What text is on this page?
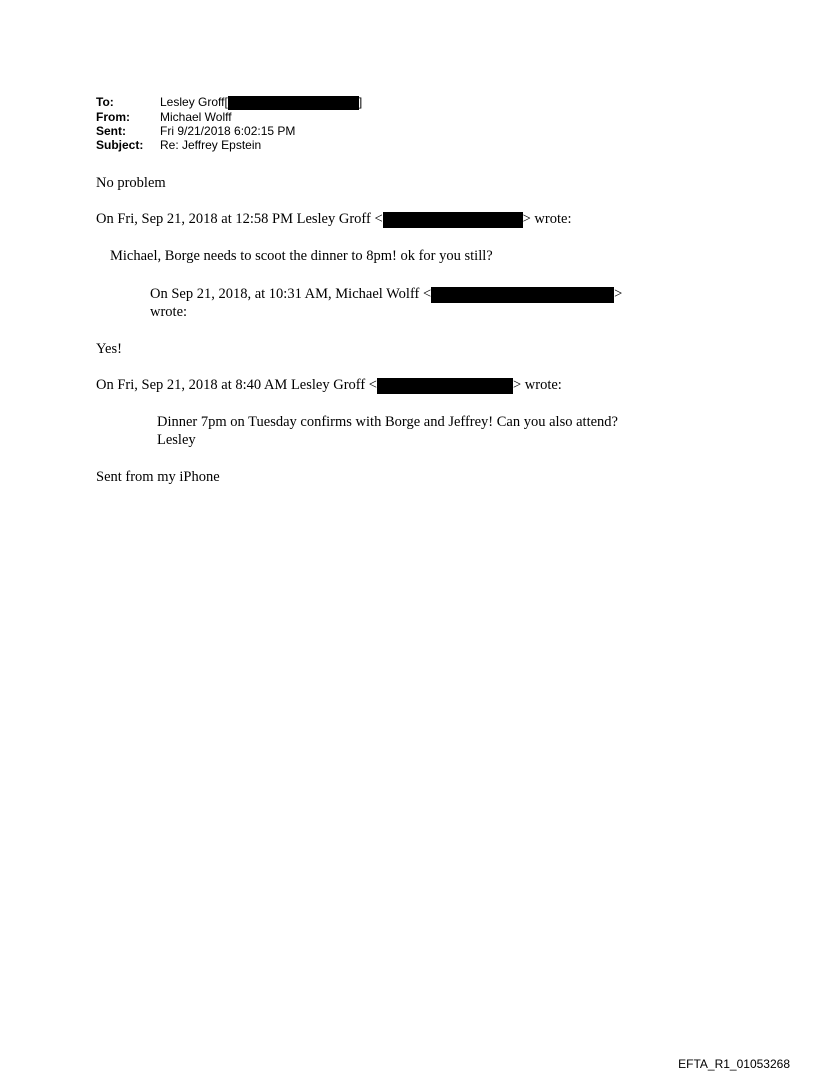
To:	Lesley Groff[	]
From:	Michael Wolff
Sent:	Fri 9/21/2018 6:02:15 PM
Subject:	Re: Jeffrey Epstein
No problem
On Fri, Sep 21, 2018 at 12:58 PM Lesley Groff <	> wrote:
Michael, Borge needs to scoot the dinner to 8pm! ok for you still?
On Sep 21, 2018, at 10:31 AM, Michael Wolff <	>
wrote:
Yes!
On Fri, Sep 21, 2018 at 8:40 AM Lesley Groff <	> wrote:
Dinner 7pm on Tuesday confirms with Borge and Jeffrey! Can you also attend?
Lesley
Sent from my iPhone
EFTA_R1_01053268
